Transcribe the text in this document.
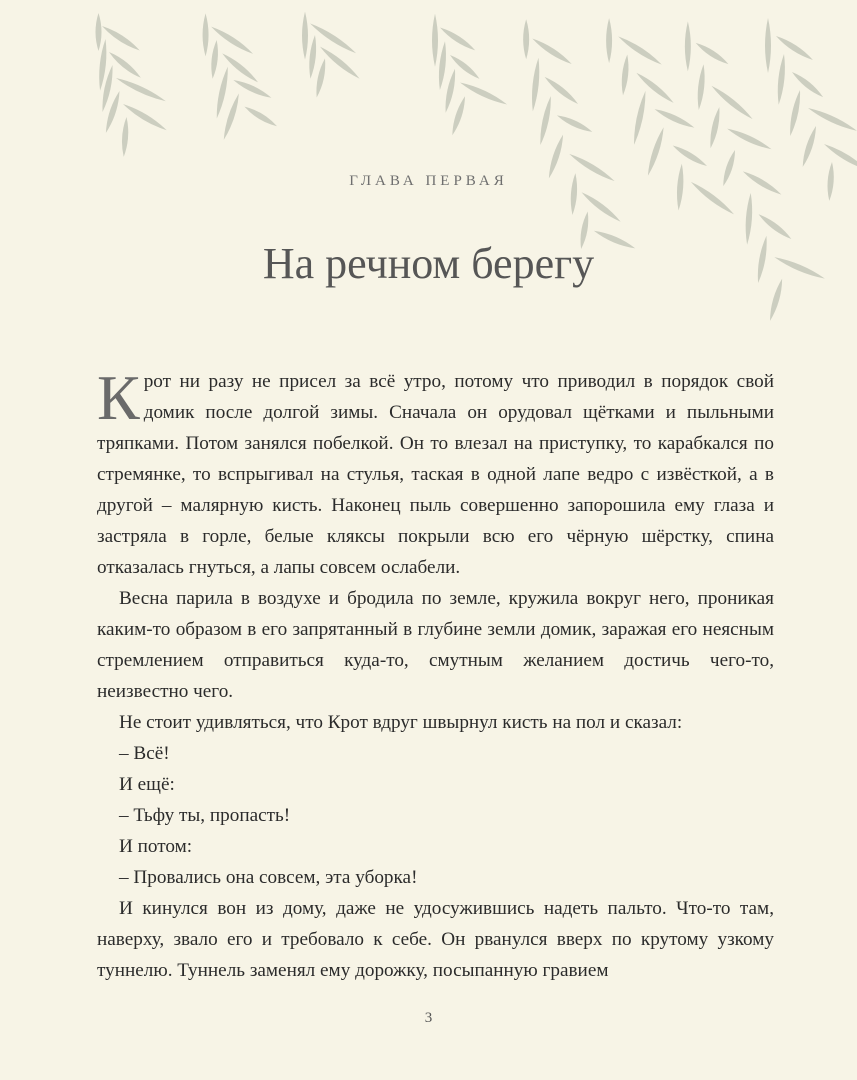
ГЛАВА ПЕРВАЯ
На речном берегу

Крот ни разу не присел за всё утро, потому что приводил в порядок свой домик после долгой зимы. Сначала он орудовал щётками и пыльными тряпками. Потом занялся побелкой. Он то влезал на приступку, то карабкался по стремянке, то вспрыгивал на стулья, таская в одной лапе ведро с извёсткой, а в другой – малярную кисть. Наконец пыль совершенно запорошила ему глаза и застряла в горле, белые кляксы покрыли всю его чёрную шёрстку, спина отказалась гнуться, а лапы совсем ослабели.

Весна парила в воздухе и бродила по земле, кружила вокруг него, проникая каким-то образом в его запрятанный в глубине земли домик, заражая его неясным стремлением отправиться куда-то, смутным желанием достичь чего-то, неизвестно чего.

Не стоит удивляться, что Крот вдруг швырнул кисть на пол и сказал:

– Всё!

И ещё:

– Тьфу ты, пропасть!

И потом:

– Провались она совсем, эта уборка!

И кинулся вон из дому, даже не удосужившись надеть пальто. Что-то там, наверху, звало его и требовало к себе. Он рванулся вверх по крутому узкому туннелю. Туннель заменял ему дорожку, посыпанную гравием

3
